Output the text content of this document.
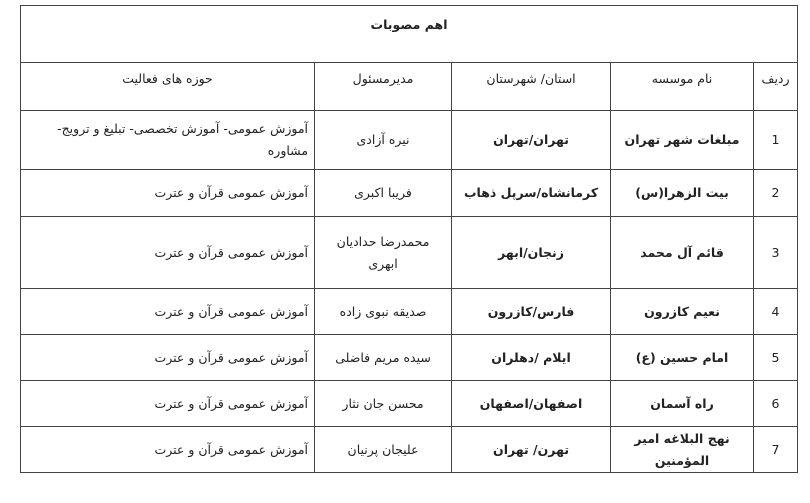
اهم مصوبات				
ردیف	نام موسسه	استان/ شهرستان	مدیرمسئول	حوزه های فعالیت
1	مبلغات شهر تهران	تهران/تهران	نیره آزادی	آموزش عمومی- آموزش تخصصی- تبلیغ و ترویج- مشاوره
2	بیت الزهرا(س)	کرمانشاه/سرپل ذهاب	فریبا اکبری	آموزش عمومی قرآن و عترت
3	قائم آل محمد	زنجان/ابهر	محمدرضا حدادیان ابهری	آموزش عمومی قرآن و عترت
4	نعیم کازرون	فارس/کازرون	صدیقه نبوی زاده	آموزش عمومی قرآن و عترت
5	امام حسین (ع)	ایلام /دهلران	سیده مریم فاضلی	آموزش عمومی قرآن و عترت
6	راه آسمان	اصفهان/اصفهان	محسن جان نثار	آموزش عمومی قرآن و عترت
7	نهج البلاغه امیر المؤمنین	تهرن/ تهران	علیجان پرنیان	آموزش عمومی قرآن و عترت
